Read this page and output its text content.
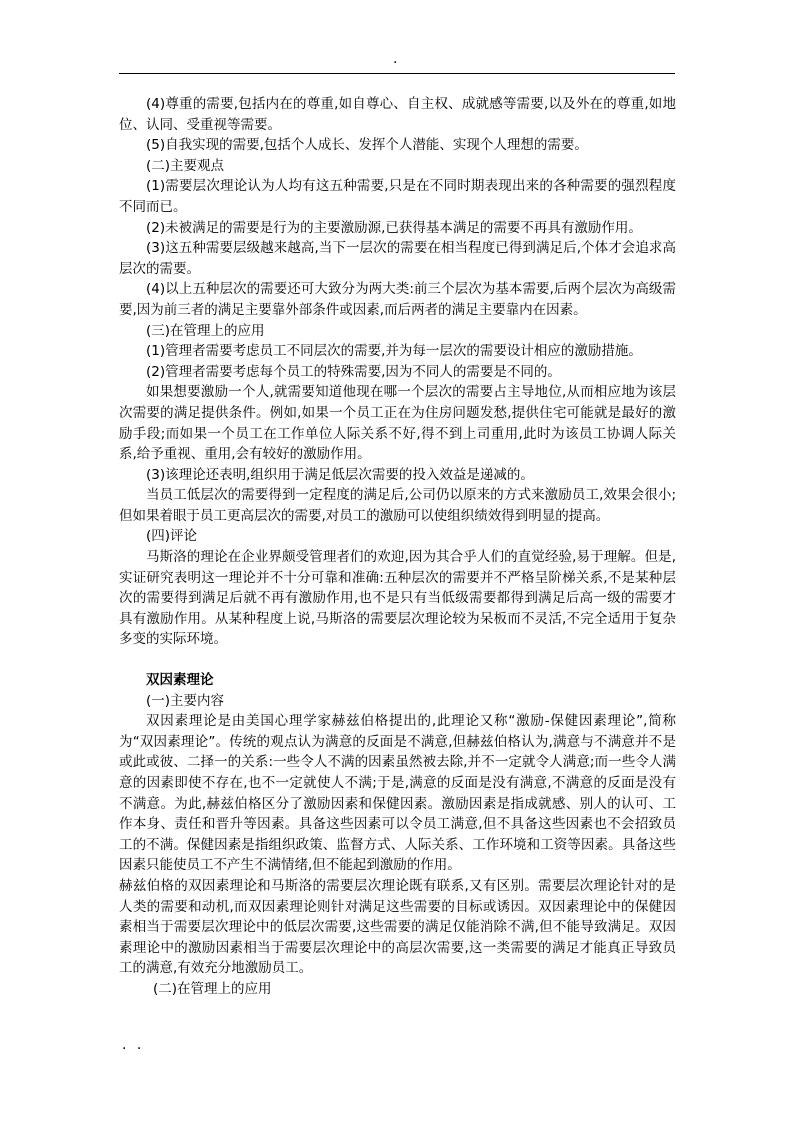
.

(4)尊重的需要,包括内在的尊重,如自尊心、自主权、成就感等需要,以及外在的尊重,如地位、认同、受重视等需要。

(5)自我实现的需要,包括个人成长、发挥个人潜能、实现个人理想的需要。

(二)主要观点

(1)需要层次理论认为人均有这五种需要,只是在不同时期表现出来的各种需要的强烈程度不同而已。

(2)未被满足的需要是行为的主要激励源,已获得基本满足的需要不再具有激励作用。

(3)这五种需要层级越来越高,当下一层次的需要在相当程度已得到满足后,个体才会追求高层次的需要。

(4)以上五种层次的需要还可大致分为两大类:前三个层次为基本需要,后两个层次为高级需要,因为前三者的满足主要靠外部条件或因素,而后两者的满足主要靠内在因素。

(三)在管理上的应用

(1)管理者需要考虑员工不同层次的需要,并为每一层次的需要设计相应的激励措施。

(2)管理者需要考虑每个员工的特殊需要,因为不同人的需要是不同的。

如果想要激励一个人,就需要知道他现在哪一个层次的需要占主导地位,从而相应地为该层次需要的满足提供条件。例如,如果一个员工正在为住房问题发愁,提供住宅可能就是最好的激励手段;而如果一个员工在工作单位人际关系不好,得不到上司重用,此时为该员工协调人际关系,给予重视、重用,会有较好的激励作用。

(3)该理论还表明,组织用于满足低层次需要的投入效益是递减的。

当员工低层次的需要得到一定程度的满足后,公司仍以原来的方式来激励员工,效果会很小;但如果着眼于员工更高层次的需要,对员工的激励可以使组织绩效得到明显的提高。

(四)评论

马斯洛的理论在企业界颇受管理者们的欢迎,因为其合乎人们的直觉经验,易于理解。但是,实证研究表明这一理论并不十分可靠和准确:五种层次的需要并不严格呈阶梯关系,不是某种层次的需要得到满足后就不再有激励作用,也不是只有当低级需要都得到满足后高一级的需要才具有激励作用。从某种程度上说,马斯洛的需要层次理论较为呆板而不灵活,不完全适用于复杂多变的实际环境。

双因素理论

(一)主要内容

双因素理论是由美国心理学家赫兹伯格提出的,此理论又称“激励-保健因素理论”,简称为“双因素理论”。传统的观点认为满意的反面是不满意,但赫兹伯格认为,满意与不满意并不是或此或彼、二择一的关系:一些令人不满的因素虽然被去除,并不一定就令人满意;而一些令人满意的因素即使不存在,也不一定就使人不满;于是,满意的反面是没有满意,不满意的反面是没有不满意。为此,赫兹伯格区分了激励因素和保健因素。激励因素是指成就感、别人的认可、工作本身、责任和晋升等因素。具备这些因素可以令员工满意,但不具备这些因素也不会招致员工的不满。保健因素是指组织政策、监督方式、人际关系、工作环境和工资等因素。具备这些因素只能使员工不产生不满情绪,但不能起到激励的作用。

赫兹伯格的双因素理论和马斯洛的需要层次理论既有联系,又有区别。需要层次理论针对的是人类的需要和动机,而双因素理论则针对满足这些需要的目标或诱因。双因素理论中的保健因素相当于需要层次理论中的低层次需要,这些需要的满足仅能消除不满,但不能导致满足。双因素理论中的激励因素相当于需要层次理论中的高层次需要,这一类需要的满足才能真正导致员工的满意,有效充分地激励员工。

(二)在管理上的应用

. .
